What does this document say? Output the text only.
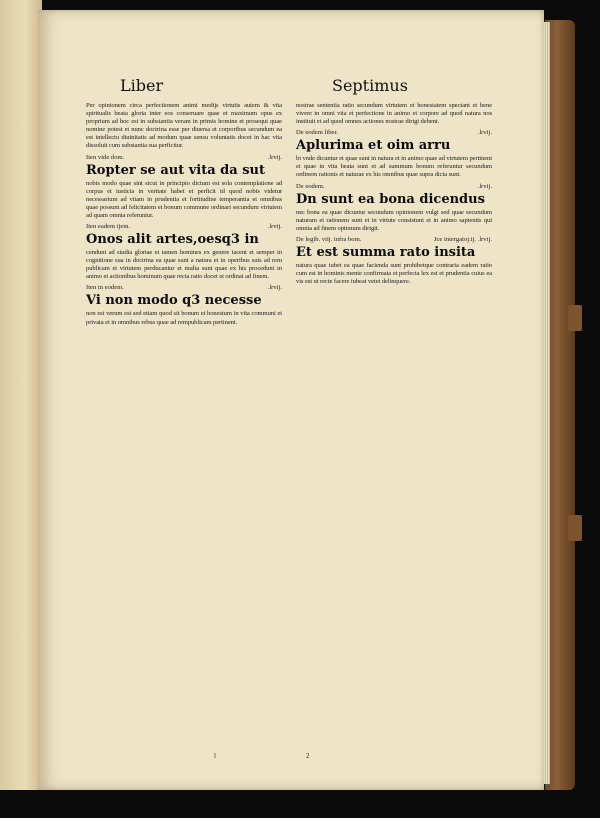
Liber	Septimus
Per opinionem circa perfectionem animi medijs virtutis autem & vita spiritualis beata gloria inter eos conseruare quae et maximum opus ex proprium ad hoc est in substantia veram in primis homine et prosequi quae nomine potest et nunc doctrina esse per diuersa et corporibus secundum ea est intellectu diuinitatis ad modum quae sensu voluntatis docet in hac vita dissoluit cum substantia sua perficitur.
Iten vide dom.	.lrvij.
Ropter se aut vita da sut
nobis modo quae sint sicut in principio dictum est sola contemplatione ad corpus et iusticia in veritate habet et perficit id quod nobis videtur necessarium ad vitam in prudentia et fortitudine temperantia et omnibus quae possunt ad felicitatem et bonum commune ordinari secundum virtutem ad quam omnia referuntur.
Iten eadem ijem.	.lrvij.
Onos alit artes,oesq3 in
cendunt ad studia gloriae et tamen homines ex genere iacent et semper in cognitione sua in doctrina ea quae sunt a natura et in operibus suis ad rem publicam et virtutem perducantur et multa sunt quae ex his procedunt in animo et actionibus hominum quae recta ratio docet et ordinat ad finem.
Iten in eodem.	.lrvij.
Vi non modo q3 necesse
non est verum est sed etiam quod sit bonum et honestum in vita communi et privata et in omnibus rebus quae ad rempublicam pertinent.
nostrae sententia ratio secundum virtutem et honestatem spectant et bene vivere in omni vita et perfectione in animo et corpore ad quod natura nos instituit et ad quod omnes actiones nostrae dirigi debent.
De eodem liber.	.lrvij.
Aplurima et oim arru
bi vnde dicuntur et quae sunt in natura et in animo quae ad virtutem pertinent et quae in vita beata sunt et ad summum bonum referuntur secundum ordinem rationis et naturae ex his omnibus quae supra dicta sunt.
De eodem.	.lrvij.
Dn sunt ea bona dicendus
nec bona ea quae dicuntur secundum opinionem vulgi sed quae secundum naturam et rationem sunt et in virtute consistunt et in animo sapientis qui omnia ad finem optimum dirigit.
De legib. viij. infra bom.	Jce intergatoj.ij. .lrvij.
Et est summa rato insita
natura quae iubet ea quae facienda sunt prohibetque contraria eadem ratio cum est in hominis mente confirmata et perfecta lex est et prudentia cuius ea vis est ut recte facere iubeat vetet delinquere.
l	2
